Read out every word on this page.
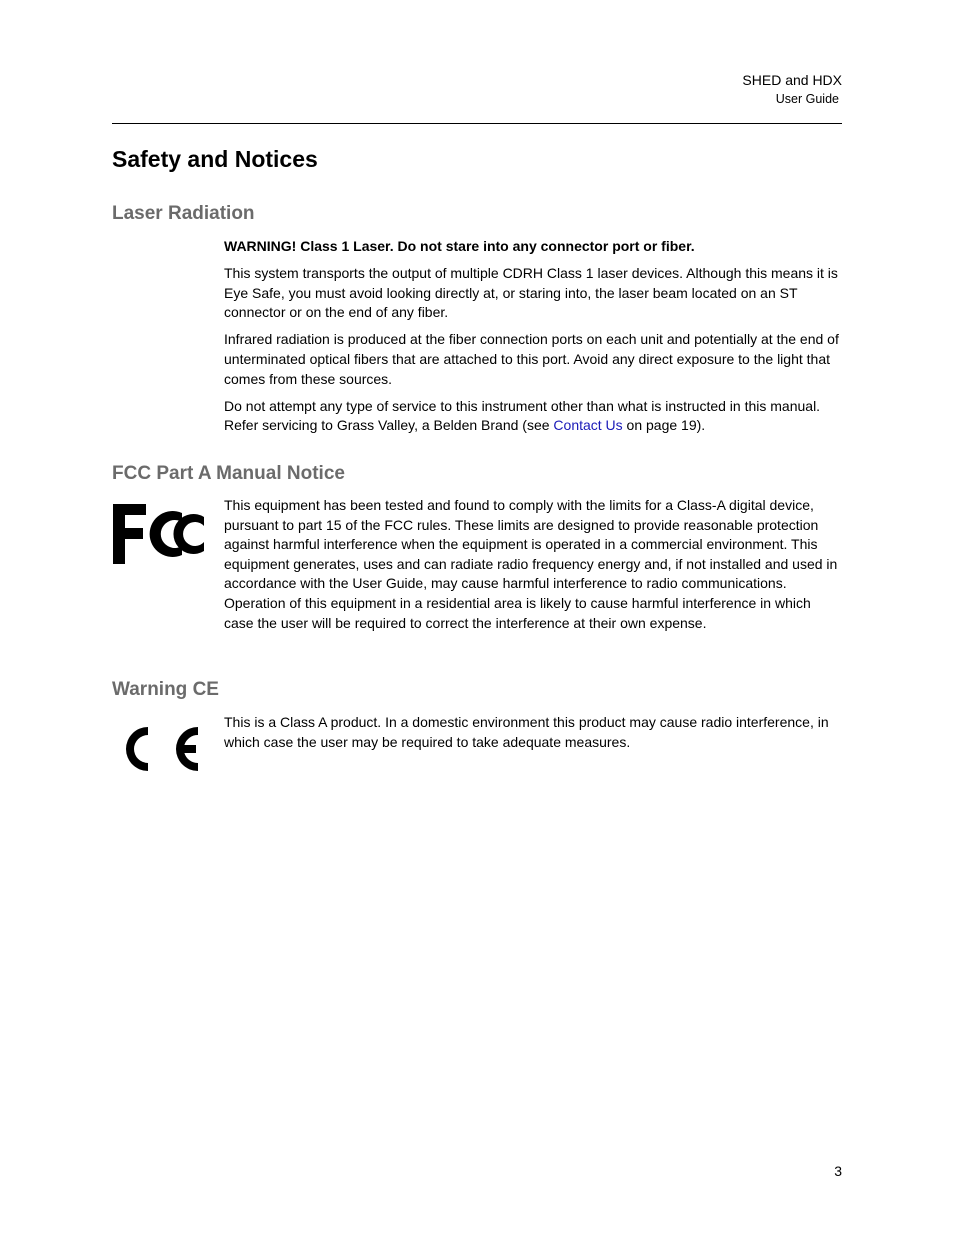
SHED and HDX
User Guide
Safety and Notices
Laser Radiation

WARNING! Class 1 Laser. Do not stare into any connector port or fiber.

This system transports the output of multiple CDRH Class 1 laser devices. Although this means it is Eye Safe, you must avoid looking directly at, or staring into, the laser beam located on an ST connector or on the end of any fiber.

Infrared radiation is produced at the fiber connection ports on each unit and potentially at the end of unterminated optical fibers that are attached to this port. Avoid any direct exposure to the light that comes from these sources.

Do not attempt any type of service to this instrument other than what is instructed in this manual. Refer servicing to Grass Valley, a Belden Brand (see Contact Us on page 19).

FCC Part A Manual Notice

This equipment has been tested and found to comply with the limits for a Class-A digital device, pursuant to part 15 of the FCC rules. These limits are designed to provide reasonable protection against harmful interference when the equipment is operated in a commercial environment. This equipment generates, uses and can radiate radio frequency energy and, if not installed and used in accordance with the User Guide, may cause harmful interference to radio communications. Operation of this equipment in a residential area is likely to cause harmful interference in which case the user will be required to correct the interference at their own expense.

Warning CE

This is a Class A product. In a domestic environment this product may cause radio interference, in which case the user may be required to take adequate measures.

3
